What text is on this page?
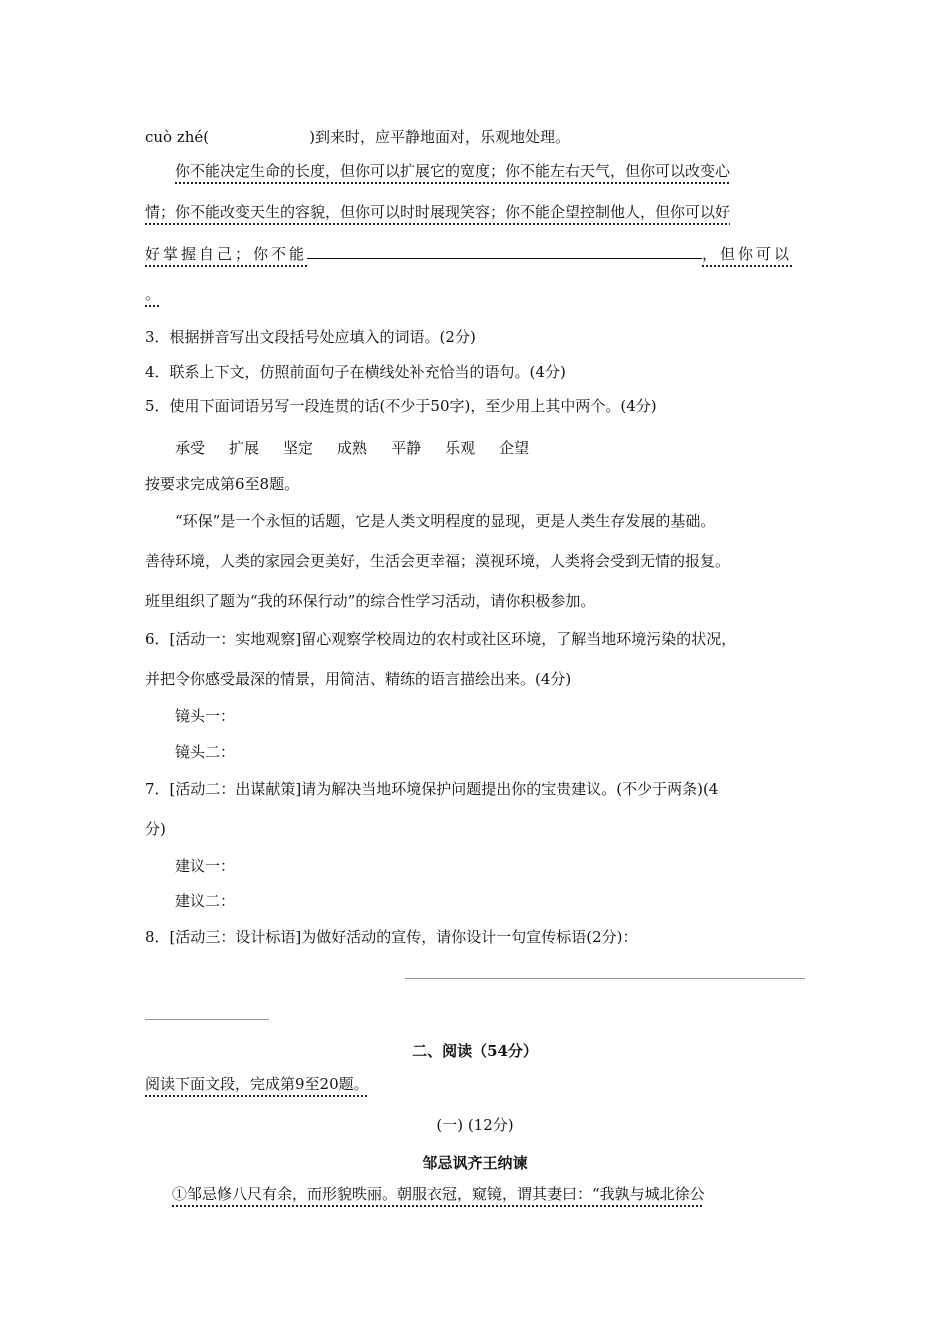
cuò zhé(	)到来时，应平静地面对，乐观地处理。
你不能决定生命的长度，但你可以扩展它的宽度；你不能左右天气，但你可以改变心
情；你不能改变天生的容貌，但你可以时时展现笑容；你不能企望控制他人，但你可以好
好掌握自己；你不能	，但你可以
。
3．根据拼音写出文段括号处应填入的词语。(2分)
4．联系上下文，仿照前面句子在横线处补充恰当的语句。(4分)
5．使用下面词语另写一段连贯的话(不少于50字)，至少用上其中两个。(4分)
承受 扩展 坚定 成熟 平静 乐观 企望
按要求完成第6至8题。
“环保”是一个永恒的话题，它是人类文明程度的显现，更是人类生存发展的基础。
善待环境，人类的家园会更美好，生活会更幸福；漠视环境，人类将会受到无情的报复。
班里组织了题为“我的环保行动”的综合性学习活动，请你积极参加。
6．[活动一：实地观察]留心观察学校周边的农村或社区环境，了解当地环境污染的状况，
并把令你感受最深的情景，用简洁、精练的语言描绘出来。(4分)
镜头一：
镜头二：
7．[活动二：出谋献策]请为解决当地环境保护问题提出你的宝贵建议。(不少于两条)(4
分)
建议一：
建议二：
8．[活动三：设计标语]为做好活动的宣传，请你设计一句宣传标语(2分)：
二、阅读（54分）
阅读下面文段，完成第9至20题。
(一) (12分)
邹忌讽齐王纳谏
①邹忌修八尺有余，而形貌昳丽。朝服衣冠，窥镜，谓其妻曰：“我孰与城北徐公
